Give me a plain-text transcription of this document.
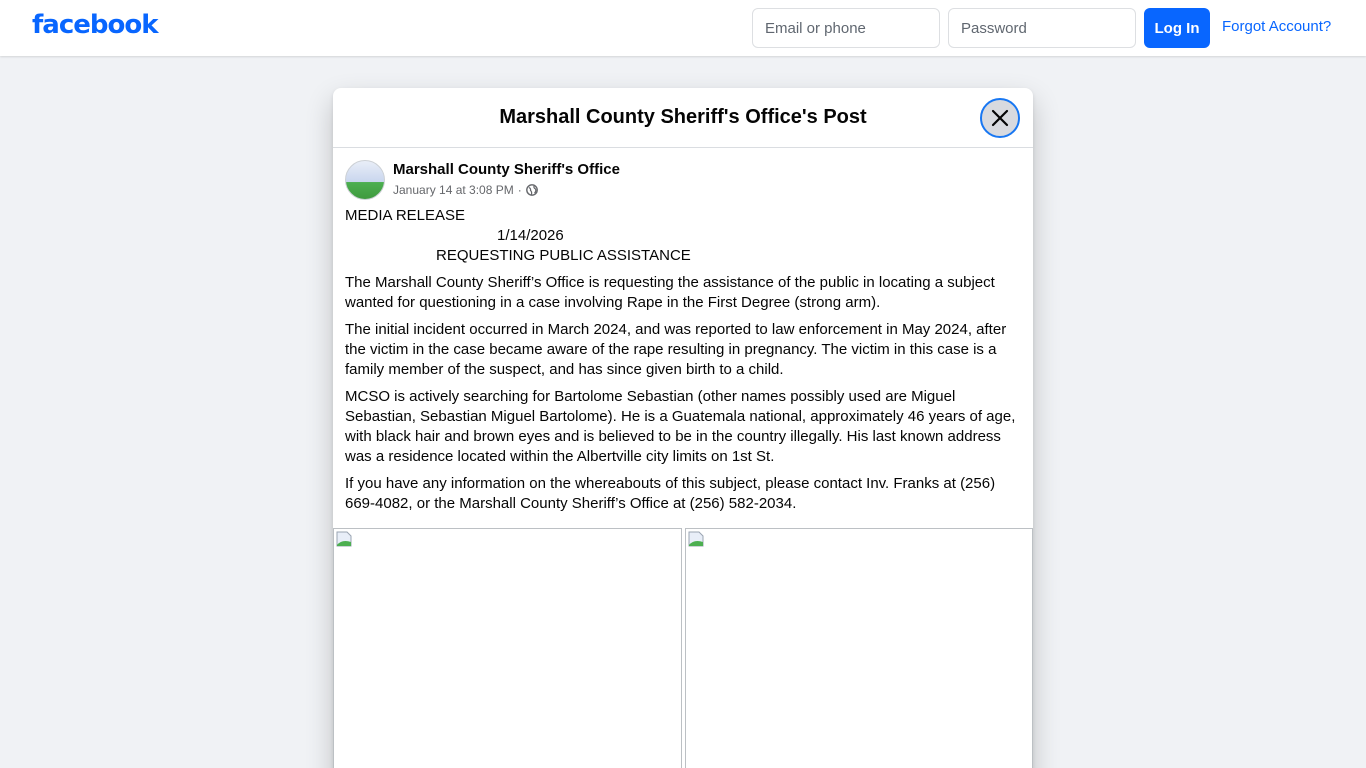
facebook
Email or phone	Log In	Forgot Account?
Marshall County Sheriff's Office's Post
Marshall County Sheriff's Office
January 14 at 3:08 PM ·
MEDIA RELEASE
1/14/2026
REQUESTING PUBLIC ASSISTANCE

The Marshall County Sheriff’s Office is requesting the assistance of the public in locating a subject wanted for questioning in a case involving Rape in the First Degree (strong arm).

The initial incident occurred in March 2024, and was reported to law enforcement in May 2024, after the victim in the case became aware of the rape resulting in pregnancy. The victim in this case is a family member of the suspect, and has since given birth to a child.

MCSO is actively searching for Bartolome Sebastian (other names possibly used are Miguel Sebastian, Sebastian Miguel Bartolome). He is a Guatemala national, approximately 46 years of age, with black hair and brown eyes and is believed to be in the country illegally. His last known address was a residence located within the Albertville city limits on 1st St.

If you have any information on the whereabouts of this subject, please contact Inv. Franks at (256) 669-4082, or the Marshall County Sheriff’s Office at (256) 582-2034.
